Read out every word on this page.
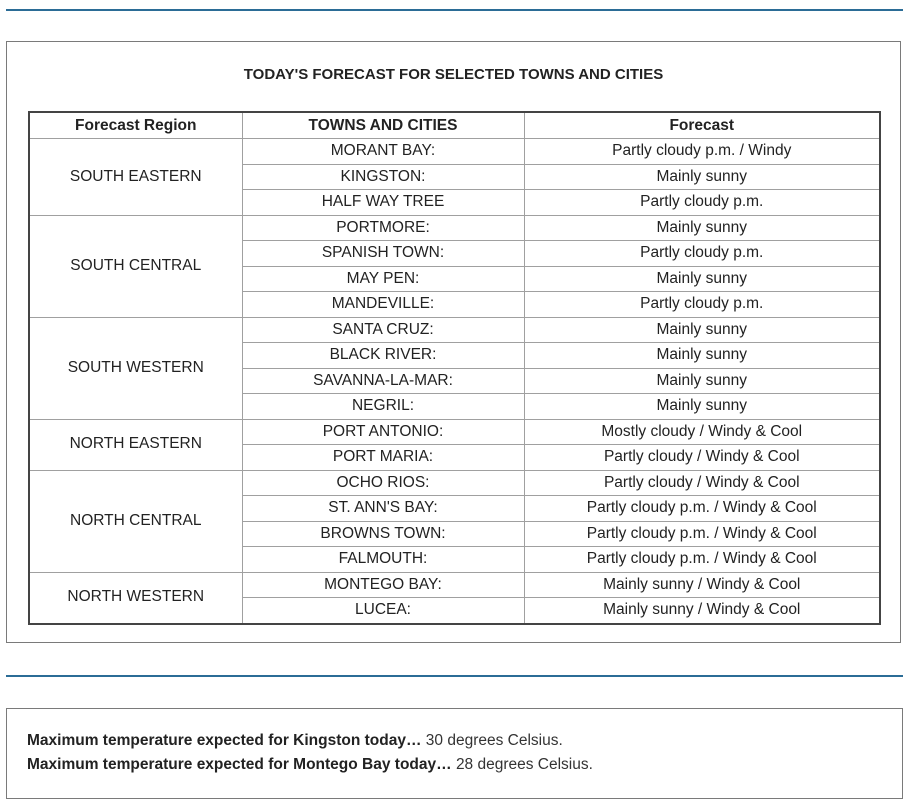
TODAY'S FORECAST FOR SELECTED TOWNS AND CITIES
Forecast Region	TOWNS AND CITIES	Forecast
SOUTH EASTERN	MORANT BAY:	Partly cloudy p.m. / Windy
	KINGSTON:	Mainly sunny
	HALF WAY TREE	Partly cloudy p.m.
SOUTH CENTRAL	PORTMORE:	Mainly sunny
	SPANISH TOWN:	Partly cloudy p.m.
	MAY PEN:	Mainly sunny
	MANDEVILLE:	Partly cloudy p.m.
SOUTH WESTERN	SANTA CRUZ:	Mainly sunny
	BLACK RIVER:	Mainly sunny
	SAVANNA-LA-MAR:	Mainly sunny
	NEGRIL:	Mainly sunny
NORTH EASTERN	PORT ANTONIO:	Mostly cloudy / Windy & Cool
	PORT MARIA:	Partly cloudy / Windy & Cool
NORTH CENTRAL	OCHO RIOS:	Partly cloudy / Windy & Cool
	ST. ANN'S BAY:	Partly cloudy p.m. / Windy & Cool
	BROWNS TOWN:	Partly cloudy p.m. / Windy & Cool
	FALMOUTH:	Partly cloudy p.m. / Windy & Cool
NORTH WESTERN	MONTEGO BAY:	Mainly sunny / Windy & Cool
	LUCEA:	Mainly sunny / Windy & Cool
Maximum temperature expected for Kingston today… 30 degrees Celsius.
Maximum temperature expected for Montego Bay today… 28 degrees Celsius.
